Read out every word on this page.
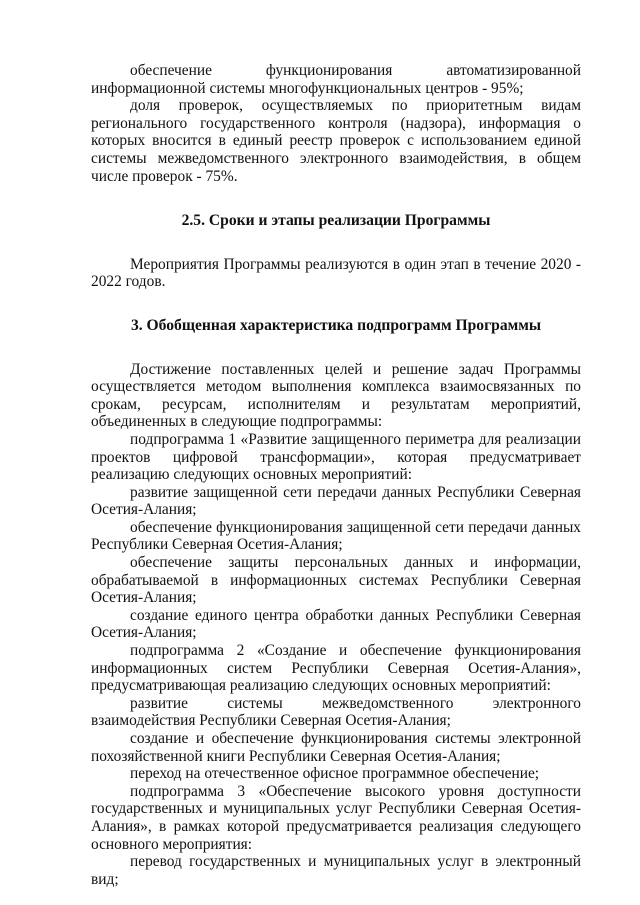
обеспечение функционирования автоматизированной информационной системы многофункциональных центров - 95%;

доля проверок, осуществляемых по приоритетным видам регионального государственного контроля (надзора), информация о которых вносится в единый реестр проверок с использованием единой системы межведомственного электронного взаимодействия, в общем числе проверок - 75%.

2.5. Сроки и этапы реализации Программы

Мероприятия Программы реализуются в один этап в течение 2020 - 2022 годов.

3. Обобщенная характеристика подпрограмм Программы

Достижение поставленных целей и решение задач Программы осуществляется методом выполнения комплекса взаимосвязанных по срокам, ресурсам, исполнителям и результатам мероприятий, объединенных в следующие подпрограммы:

подпрограмма 1 «Развитие защищенного периметра для реализации проектов цифровой трансформации», которая предусматривает реализацию следующих основных мероприятий:

развитие защищенной сети передачи данных Республики Северная Осетия-Алания;

обеспечение функционирования защищенной сети передачи данных Республики Северная Осетия-Алания;

обеспечение защиты персональных данных и информации, обрабатываемой в информационных системах Республики Северная Осетия-Алания;

создание единого центра обработки данных Республики Северная Осетия-Алания;

подпрограмма 2 «Создание и обеспечение функционирования информационных систем Республики Северная Осетия-Алания», предусматривающая реализацию следующих основных мероприятий:

развитие системы межведомственного электронного взаимодействия Республики Северная Осетия-Алания;

создание и обеспечение функционирования системы электронной похозяйственной книги Республики Северная Осетия-Алания;

переход на отечественное офисное программное обеспечение;

подпрограмма 3 «Обеспечение высокого уровня доступности государственных и муниципальных услуг Республики Северная Осетия-Алания», в рамках которой предусматривается реализация следующего основного мероприятия:

перевод государственных и муниципальных услуг в электронный вид;
